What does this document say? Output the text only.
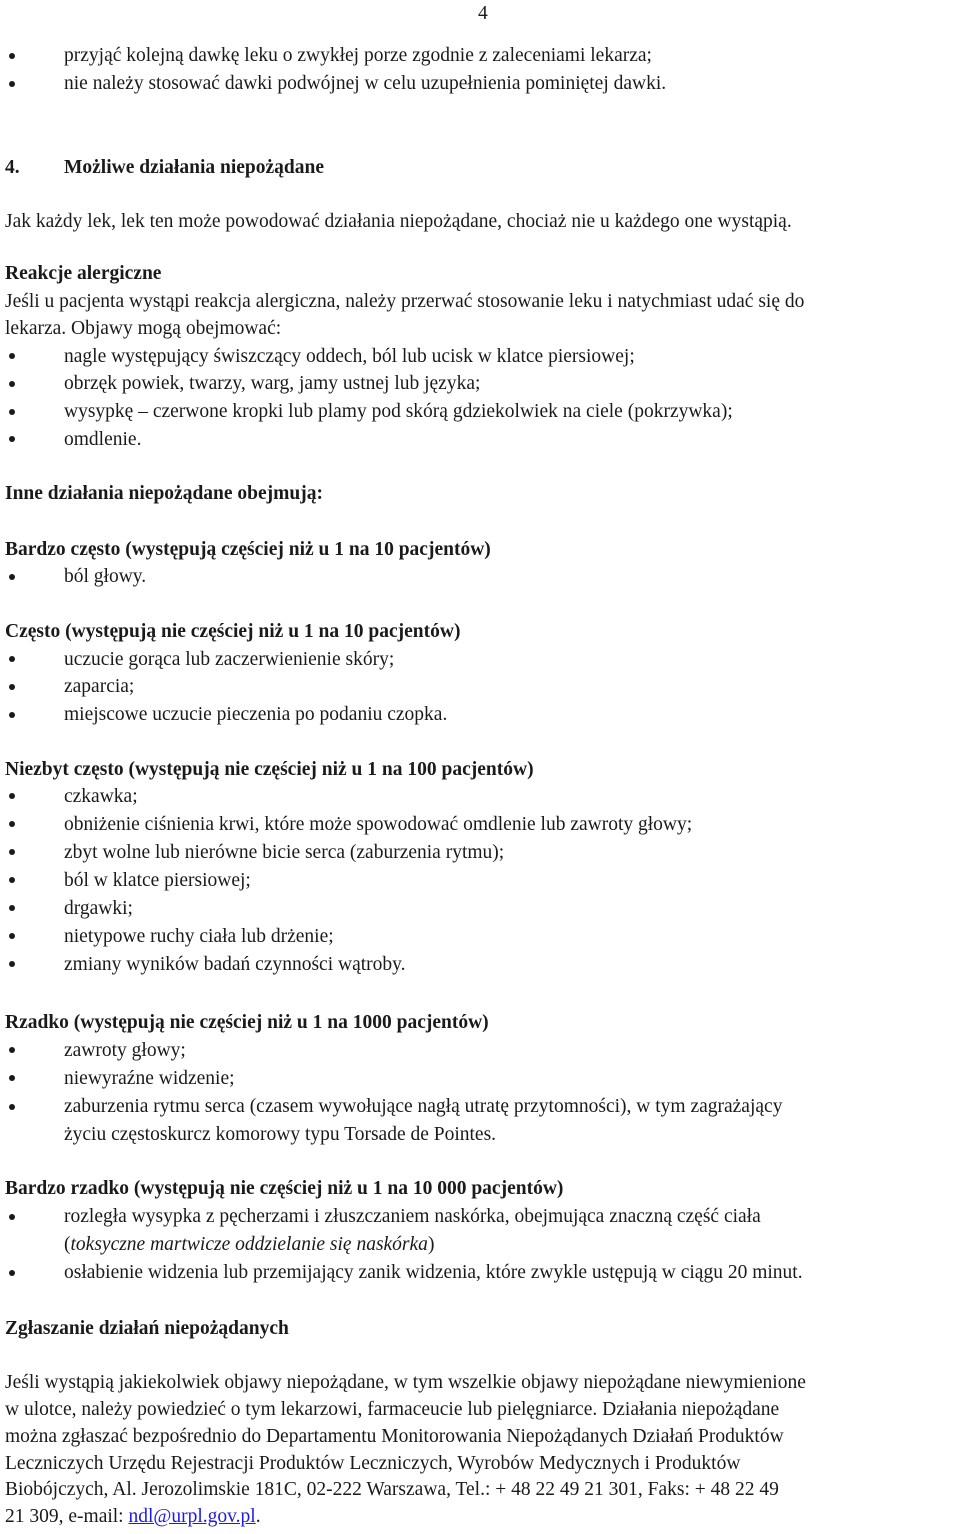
4
przyjąć kolejną dawkę leku o zwykłej porze zgodnie z zaleceniami lekarza;
nie należy stosować dawki podwójnej w celu uzupełnienia pominiętej dawki.
4. Możliwe działania niepożądane
Jak każdy lek, lek ten może powodować działania niepożądane, chociaż nie u każdego one wystąpią.
Reakcje alergiczne
Jeśli u pacjenta wystąpi reakcja alergiczna, należy przerwać stosowanie leku i natychmiast udać się do
lekarza. Objawy mogą obejmować:
nagle występujący świszczący oddech, ból lub ucisk w klatce piersiowej;
obrzęk powiek, twarzy, warg, jamy ustnej lub języka;
wysypkę – czerwone kropki lub plamy pod skórą gdziekolwiek na ciele (pokrzywka);
omdlenie.
Inne działania niepożądane obejmują:
Bardzo często (występują częściej niż u 1 na 10 pacjentów)
ból głowy.
Często (występują nie częściej niż u 1 na 10 pacjentów)
uczucie gorąca lub zaczerwienienie skóry;
zaparcia;
miejscowe uczucie pieczenia po podaniu czopka.
Niezbyt często (występują nie częściej niż u 1 na 100 pacjentów)
czkawka;
obniżenie ciśnienia krwi, które może spowodować omdlenie lub zawroty głowy;
zbyt wolne lub nierówne bicie serca (zaburzenia rytmu);
ból w klatce piersiowej;
drgawki;
nietypowe ruchy ciała lub drżenie;
zmiany wyników badań czynności wątroby.
Rzadko (występują nie częściej niż u 1 na 1000 pacjentów)
zawroty głowy;
niewyraźne widzenie;
zaburzenia rytmu serca (czasem wywołujące nagłą utratę przytomności), w tym zagrażający
życiu częstoskurcz komorowy typu Torsade de Pointes.
Bardzo rzadko (występują nie częściej niż u 1 na 10 000 pacjentów)
rozległa wysypka z pęcherzami i złuszczaniem naskórka, obejmująca znaczną część ciała
(toksyczne martwicze oddzielanie się naskórka)
osłabienie widzenia lub przemijający zanik widzenia, które zwykle ustępują w ciągu 20 minut.
Zgłaszanie działań niepożądanych
Jeśli wystąpią jakiekolwiek objawy niepożądane, w tym wszelkie objawy niepożądane niewymienione
w ulotce, należy powiedzieć o tym lekarzowi, farmaceucie lub pielęgniarce. Działania niepożądane
można zgłaszać bezpośrednio do Departamentu Monitorowania Niepożądanych Działań Produktów
Leczniczych Urzędu Rejestracji Produktów Leczniczych, Wyrobów Medycznych i Produktów
Biobójczych, Al. Jerozolimskie 181C, 02-222 Warszawa, Tel.: + 48 22 49 21 301, Faks: + 48 22 49
21 309, e-mail: ndl@urpl.gov.pl.
